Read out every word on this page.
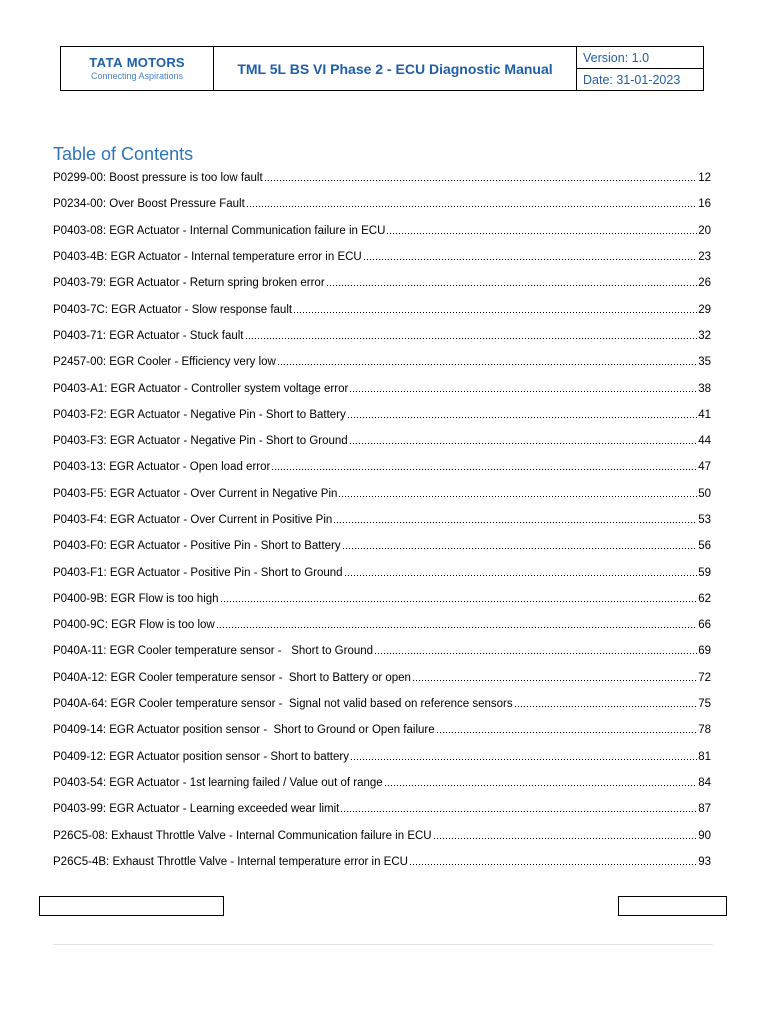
TATA MOTORS
Connecting Aspirations	TML 5L BS VI Phase 2 - ECU Diagnostic Manual
Version: 1.0
Date: 31-01-2023
Table of Contents
P0299-00: Boost pressure is too low fault	12
P0234-00: Over Boost Pressure Fault	16
P0403-08: EGR Actuator - Internal Communication failure in ECU	20
P0403-4B: EGR Actuator - Internal temperature error in ECU	23
P0403-79: EGR Actuator - Return spring broken error	26
P0403-7C: EGR Actuator - Slow response fault	29
P0403-71: EGR Actuator - Stuck fault	32
P2457-00: EGR Cooler - Efficiency very low	35
P0403-A1: EGR Actuator - Controller system voltage error	38
P0403-F2: EGR Actuator - Negative Pin - Short to Battery	41
P0403-F3: EGR Actuator - Negative Pin - Short to Ground	44
P0403-13: EGR Actuator - Open load error	47
P0403-F5: EGR Actuator - Over Current in Negative Pin	50
P0403-F4: EGR Actuator - Over Current in Positive Pin	53
P0403-F0: EGR Actuator - Positive Pin - Short to Battery	56
P0403-F1: EGR Actuator - Positive Pin - Short to Ground	59
P0400-9B: EGR Flow is too high	62
P0400-9C: EGR Flow is too low	66
P040A-11: EGR Cooler temperature sensor -   Short to Ground	69
P040A-12: EGR Cooler temperature sensor -  Short to Battery or open	72
P040A-64: EGR Cooler temperature sensor -  Signal not valid based on reference sensors	75
P0409-14: EGR Actuator position sensor -  Short to Ground or Open failure	78
P0409-12: EGR Actuator position sensor - Short to battery	81
P0403-54: EGR Actuator - 1st learning failed / Value out of range	84
P0403-99: EGR Actuator - Learning exceeded wear limit	87
P26C5-08: Exhaust Throttle Valve - Internal Communication failure in ECU	90
P26C5-4B: Exhaust Throttle Valve - Internal temperature error in ECU	93
